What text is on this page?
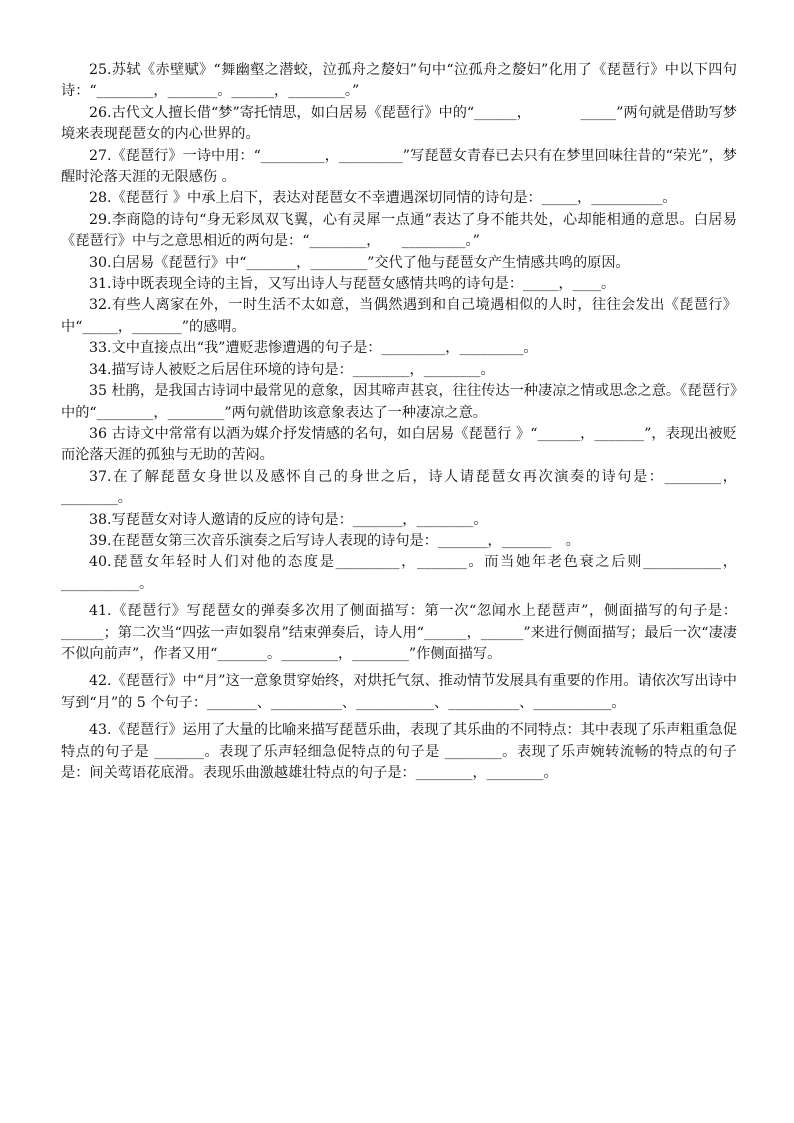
25.苏轼《赤壁赋》“舞幽壑之潜蛟，泣孤舟之嫠妇”句中“泣孤舟之嫠妇”化用了《琵琶行》中以下四句诗：“________，_______。______，________。”

26.古代文人擅长借“梦”寄托情思，如白居易《琵琶行》中的“______，　　　　_____”两句就是借助写梦境来表现琵琶女的内心世界的。

27.《琵琶行》一诗中用：“_________，_________”写琵琶女青春已去只有在梦里回味往昔的“荣光”，梦醒时沦落天涯的无限感伤 。

28.《琵琶行 》中承上启下，表达对琵琶女不幸遭遇深切同情的诗句是：_____，__________。

29.李商隐的诗句“身无彩凤双飞翼，心有灵犀一点通”表达了身不能共处，心却能相通的意思。白居易《琵琶行》中与之意思相近的两句是：“________，　　_________。”

30.白居易《琵琶行》中“_______，________”交代了他与琵琶女产生情感共鸣的原因。

31.诗中既表现全诗的主旨，又写出诗人与琵琶女感情共鸣的诗句是：_____，____。

32.有些人离家在外，一时生活不太如意，当偶然遇到和自己境遇相似的人时，往往会发出《琵琶行》中“_____，_______”的感喟。

33.文中直接点出“我”遭贬悲惨遭遇的句子是：_________，_________。

34.描写诗人被贬之后居住环境的诗句是：________，________。

35 杜鹃，是我国古诗词中最常见的意象，因其啼声甚哀，往往传达一种凄凉之情或思念之意。《琵琶行》中的“________，________”两句就借助该意象表达了一种凄凉之意。

36 古诗文中常常有以酒为媒介抒发情感的名句，如白居易《琵琶行 》“______，_______”，表现出被贬而沦落天涯的孤独与无助的苦闷。

37.在了解琵琶女身世以及感怀自己的身世之后，诗人请琵琶女再次演奏的诗句是：________，________。

38.写琵琶女对诗人邀请的反应的诗句是：_______，________。

39.在琵琶女第三次音乐演奏之后写诗人表现的诗句是：_______，_______　。

40.琵琶女年轻时人们对他的态度是_________，_______。而当她年老色衰之后则___________，___________。

41.《琵琶行》写琵琶女的弹奏多次用了侧面描写：第一次“忽闻水上琵琶声”，侧面描写的句子是：______；第二次当“四弦一声如裂帛”结束弹奏后，诗人用“______，______”来进行侧面描写；最后一次“凄凄不似向前声”，作者又用“_______。________，________”作侧面描写。

42.《琵琶行》中“月”这一意象贯穿始终，对烘托气氛、推动情节发展具有重要的作用。请依次写出诗中写到“月”的 5 个句子：_______、__________、___________、__________、___________。

43.《琵琶行》运用了大量的比喻来描写琵琶乐曲，表现了其乐曲的不同特点：其中表现了乐声粗重急促特点的句子是 _______。表现了乐声轻细急促特点的句子是 ________。表现了乐声婉转流畅的特点的句子是：间关莺语花底滑。表现乐曲激越雄壮特点的句子是：________，________。
